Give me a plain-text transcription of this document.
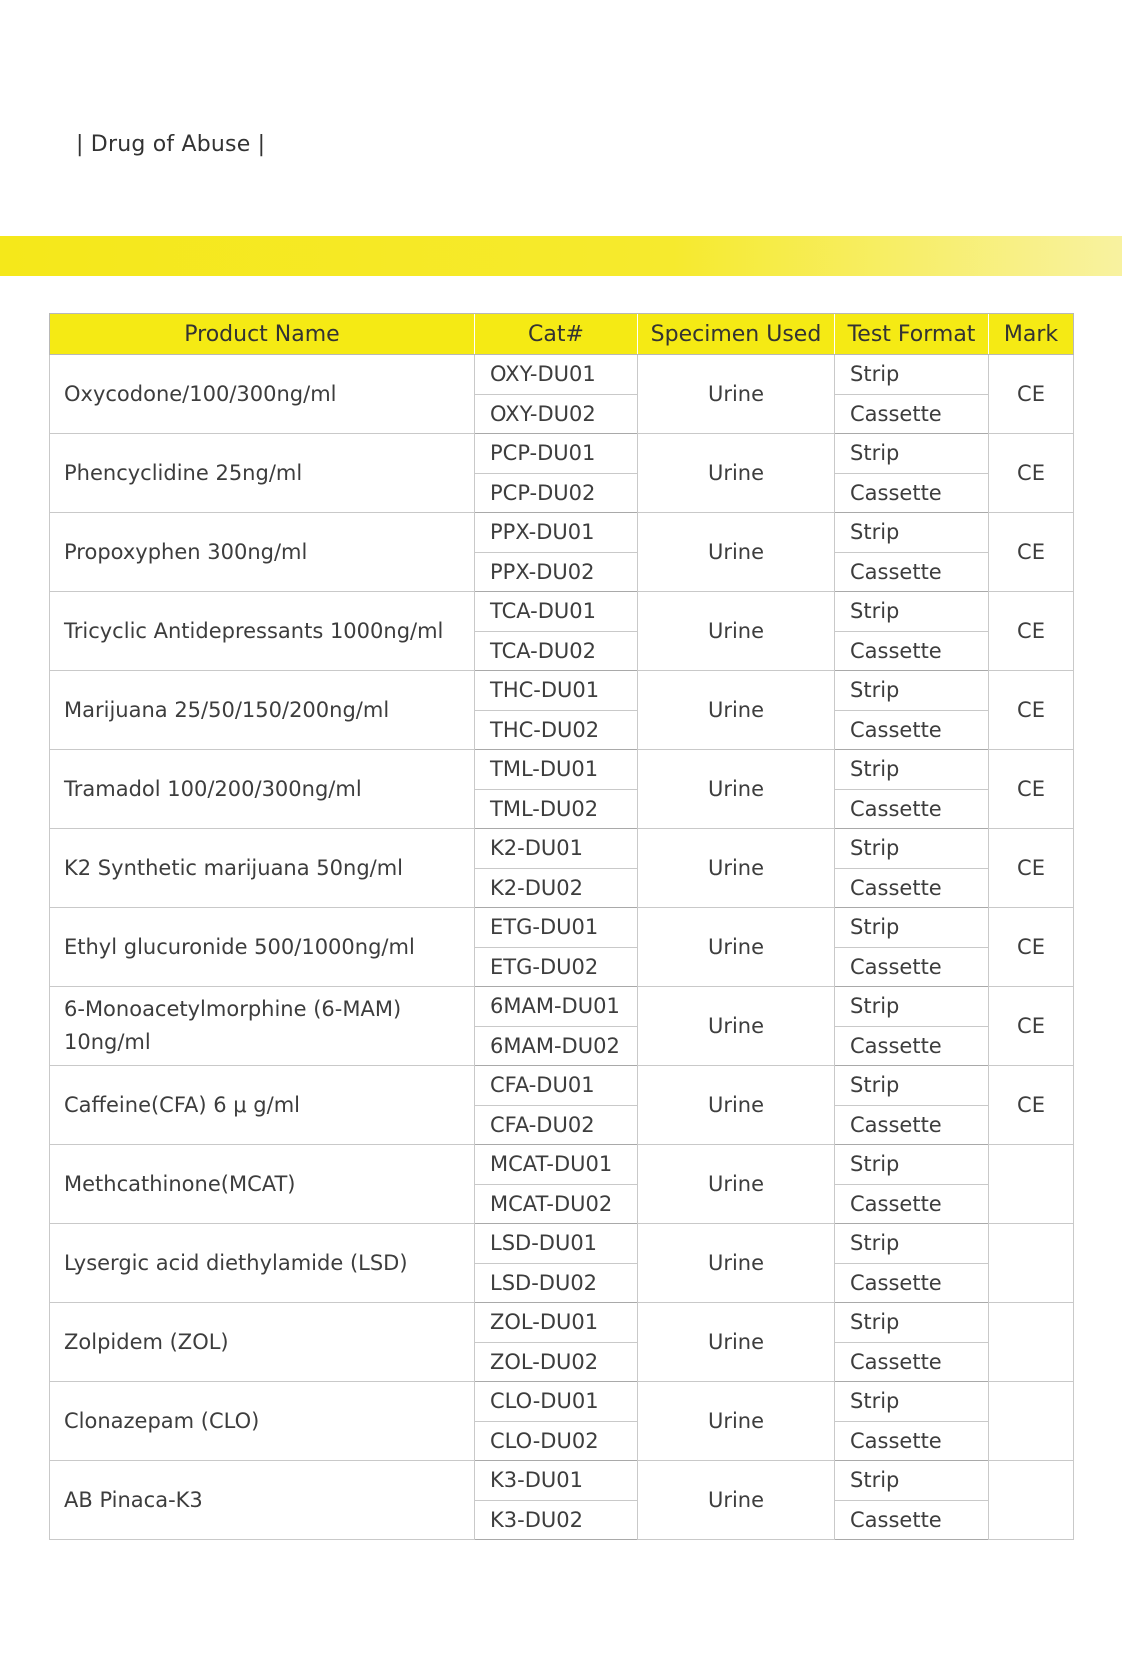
| Drug of Abuse |
Product Name	Cat#	Specimen Used	Test Format	Mark
Oxycodone/100/300ng/ml	OXY-DU01	Urine	Strip	CE
	OXY-DU02		Cassette	
Phencyclidine 25ng/ml	PCP-DU01	Urine	Strip	CE
	PCP-DU02		Cassette	
Propoxyphen 300ng/ml	PPX-DU01	Urine	Strip	CE
	PPX-DU02		Cassette	
Tricyclic Antidepressants 1000ng/ml	TCA-DU01	Urine	Strip	CE
	TCA-DU02		Cassette	
Marijuana 25/50/150/200ng/ml	THC-DU01	Urine	Strip	CE
	THC-DU02		Cassette	
Tramadol 100/200/300ng/ml	TML-DU01	Urine	Strip	CE
	TML-DU02		Cassette	
K2 Synthetic marijuana 50ng/ml	K2-DU01	Urine	Strip	CE
	K2-DU02		Cassette	
Ethyl glucuronide 500/1000ng/ml	ETG-DU01	Urine	Strip	CE
	ETG-DU02		Cassette	
6-Monoacetylmorphine (6-MAM) 10ng/ml	6MAM-DU01	Urine	Strip	CE
	6MAM-DU02		Cassette	
Caffeine(CFA) 6 μ g/ml	CFA-DU01	Urine	Strip	CE
	CFA-DU02		Cassette	
Methcathinone(MCAT)	MCAT-DU01	Urine	Strip	
	MCAT-DU02		Cassette	
Lysergic acid diethylamide (LSD)	LSD-DU01	Urine	Strip	
	LSD-DU02		Cassette	
Zolpidem (ZOL)	ZOL-DU01	Urine	Strip	
	ZOL-DU02		Cassette	
Clonazepam (CLO)	CLO-DU01	Urine	Strip	
	CLO-DU02		Cassette	
AB Pinaca-K3	K3-DU01	Urine	Strip	
	K3-DU02		Cassette	
